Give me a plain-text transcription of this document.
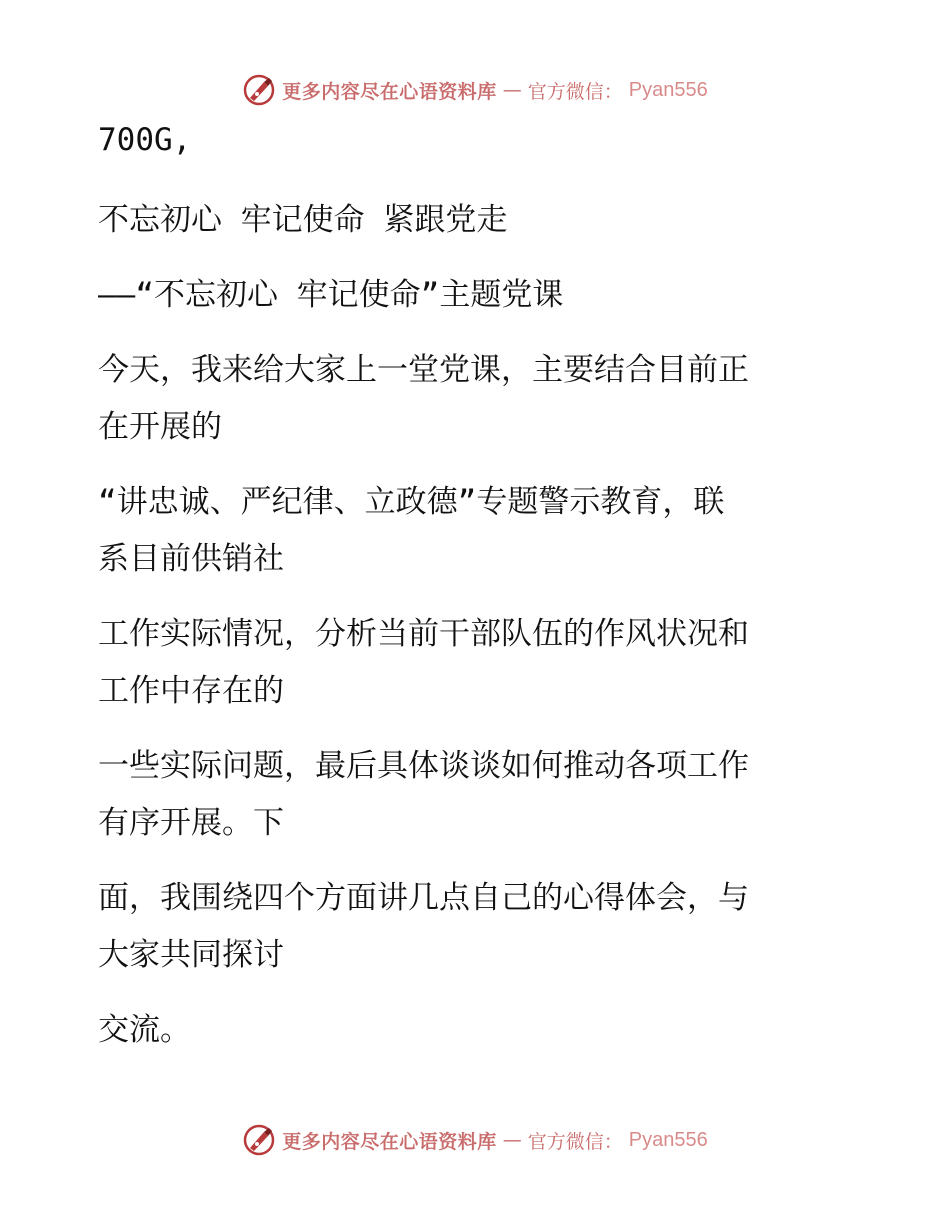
更多内容尽在心语资料库 — 官方微信： Pyan556
700G,
不忘初心 牢记使命 紧跟党走
——“不忘初心 牢记使命”主题党课
今天，我来给大家上一堂党课，主要结合目前正
在开展的
“讲忠诚、严纪律、立政德”专题警示教育，联
系目前供销社
工作实际情况，分析当前干部队伍的作风状况和
工作中存在的
一些实际问题，最后具体谈谈如何推动各项工作
有序开展。下
面，我围绕四个方面讲几点自己的心得体会，与
大家共同探讨
交流。
更多内容尽在心语资料库 — 官方微信： Pyan556
